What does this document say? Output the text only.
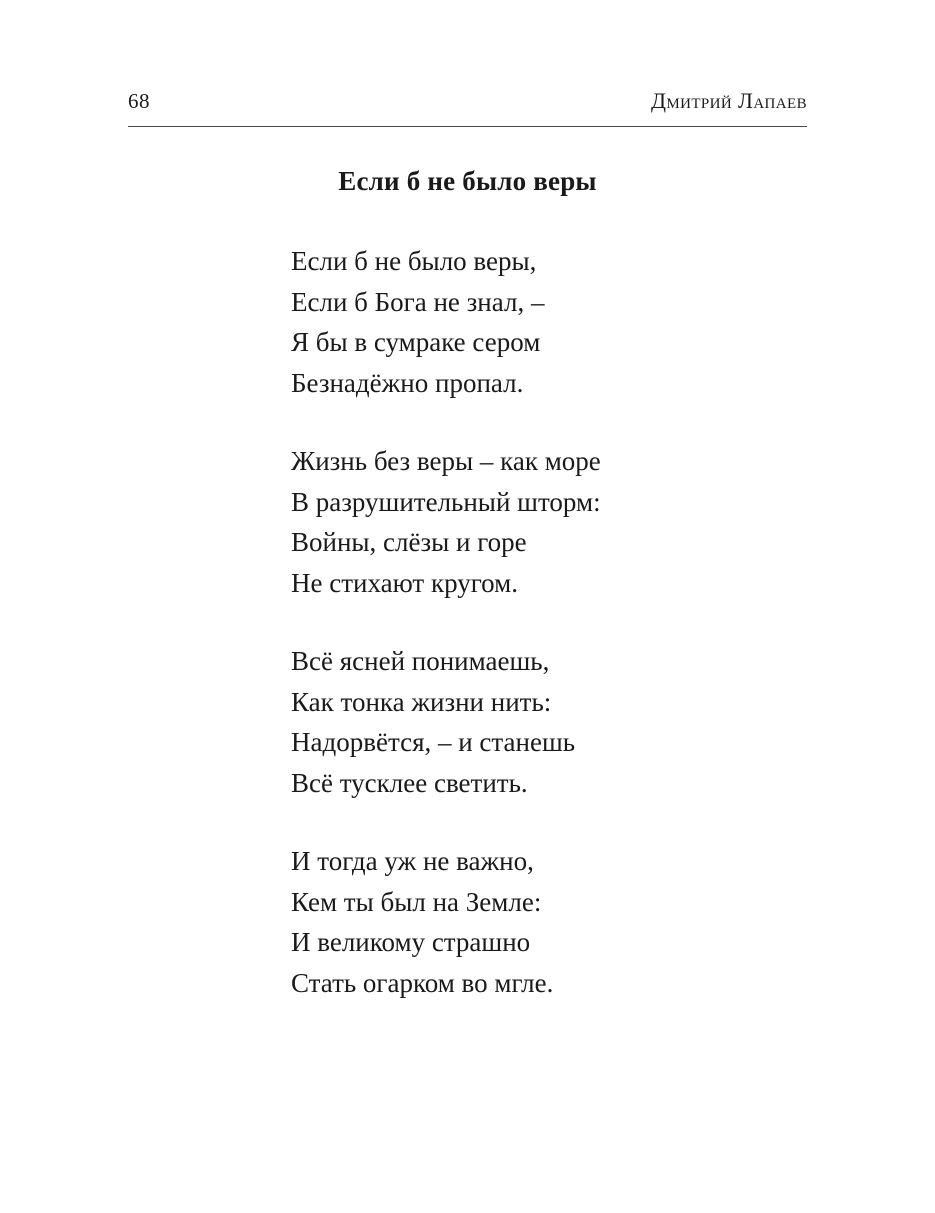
68	Дмитрий Лапаев
Если б не было веры
Если б не было веры,
Если б Бога не знал, –
Я бы в сумраке сером
Безнадёжно пропал.
Жизнь без веры – как море
В разрушительный шторм:
Войны, слёзы и горе
Не стихают кругом.
Всё ясней понимаешь,
Как тонка жизни нить:
Надорвётся, – и станешь
Всё тусклее светить.
И тогда уж не важно,
Кем ты был на Земле:
И великому страшно
Стать огарком во мгле.
